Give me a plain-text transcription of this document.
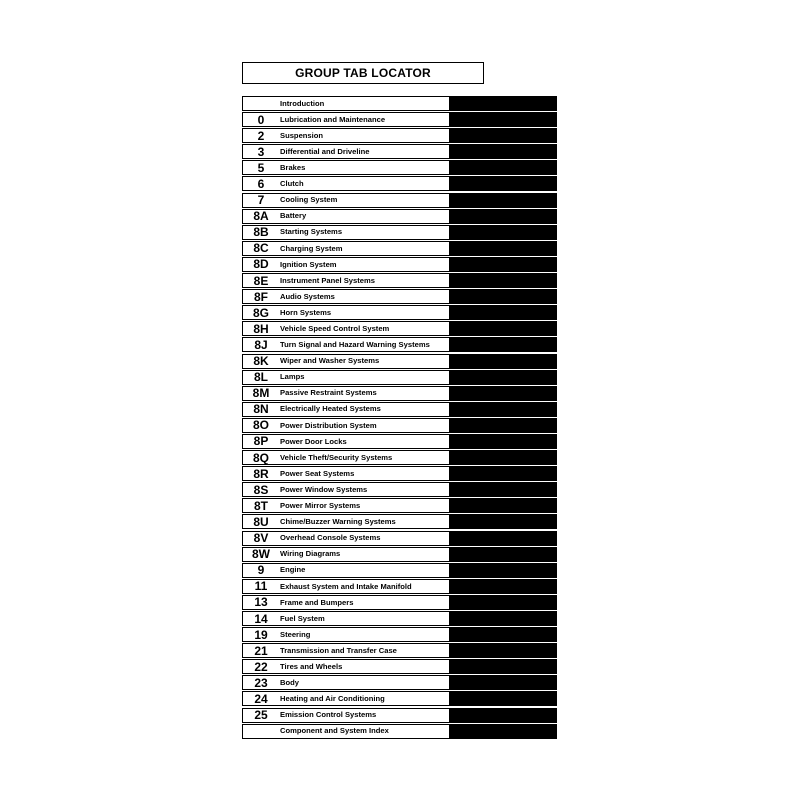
GROUP TAB LOCATOR
Introduction
0	Lubrication and Maintenance
2	Suspension
3	Differential and Driveline
5	Brakes
6	Clutch
7	Cooling System
8A	Battery
8B	Starting Systems
8C	Charging System
8D	Ignition System
8E	Instrument Panel Systems
8F	Audio Systems
8G	Horn Systems
8H	Vehicle Speed Control System
8J	Turn Signal and Hazard Warning Systems
8K	Wiper and Washer Systems
8L	Lamps
8M	Passive Restraint Systems
8N	Electrically Heated Systems
8O	Power Distribution System
8P	Power Door Locks
8Q	Vehicle Theft/Security Systems
8R	Power Seat Systems
8S	Power Window Systems
8T	Power Mirror Systems
8U	Chime/Buzzer Warning Systems
8V	Overhead Console Systems
8W	Wiring Diagrams
9	Engine
11	Exhaust System and Intake Manifold
13	Frame and Bumpers
14	Fuel System
19	Steering
21	Transmission and Transfer Case
22	Tires and Wheels
23	Body
24	Heating and Air Conditioning
25	Emission Control Systems
Component and System Index
